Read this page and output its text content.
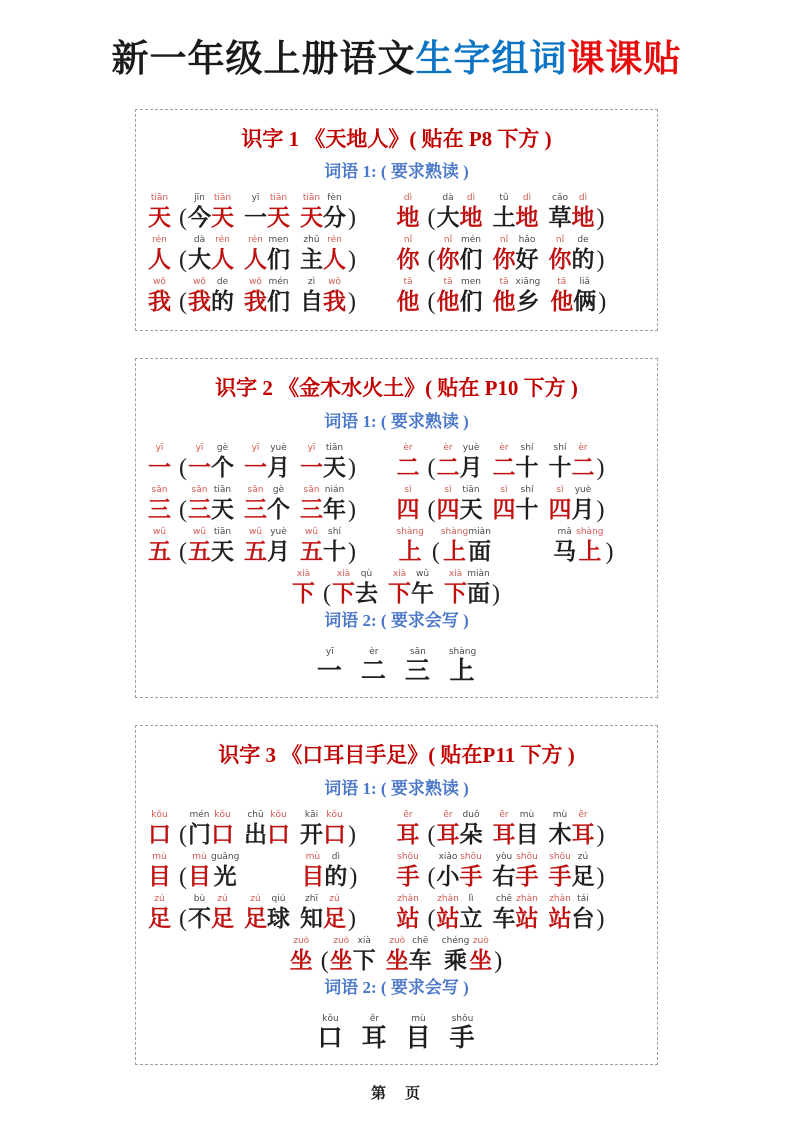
新一年级上册语文生字组词课课贴
识字 1 《天地人》( 贴在 P8 下方 )
词语 1: ( 要求熟读 )
tiān
天 (
jīn
今
tiān
天
yī
一
tiān
天
tiān
天
fèn
分 )
dì
地 (
dà
大
dì
地
tǔ
土
dì
地
cǎo
草
dì
地 )
rén
人 (
dà
大
rén
人
rén
人
men
们
zhǔ
主
rén
人 )
nǐ
你 (
nǐ
你
mén
们
nǐ
你
hǎo
好
nǐ
你
de
的 )
wǒ
我 (
wǒ
我
de
的
wǒ
我
mén
们
zì
自
wǒ
我 )
tā
他 (
tā
他
men
们
tā
他
xiāng
乡
tā
他
liǎ
俩 )
识字 2 《金木水火土》( 贴在 P10 下方 )
词语 1: ( 要求熟读 )
yī
一 (
yī
一
gè
个
yī
一
yuè
月
yī
一
tiān
天 )
èr
二 (
èr
二
yuè
月
èr
二
shí
十
shí
十
èr
二 )
sān
三 (
sān
三
tiān
天
sān
三
gè
个
sān
三
nián
年 )
sì
四 (
sì
四
tiān
天
sì
四
shí
十
sì
四
yuè
月 )
wǔ
五 (
wǔ
五
tiān
天
wǔ
五
yuè
月
wǔ
五
shí
十 )
shàng
上 (
shàng
上
miàn
面
mǎ
马
shàng
上 )
xià
下 (
xià
下
qù
去
xià
下
wǔ
午
xià
下
miàn
面 )
词语 2: ( 要求会写 )
yī
一
èr
二
sān
三
shàng
上
识字 3 《口耳目手足》( 贴在P11 下方 )
词语 1: ( 要求熟读 )
kǒu
口 (
mén
门
kǒu
口
chū
出
kǒu
口
kāi
开
kǒu
口 )
ěr
耳 (
ěr
耳
duǒ
朵
ěr
耳
mù
目
mù
木
ěr
耳 )
mù
目 (
mù
目
guāng
光
mù
目
dì
的 )
shǒu
手 (
xiǎo
小
shǒu
手
yòu
右
shǒu
手
shǒu
手
zú
足 )
zú
足 (
bù
不
zú
足
zú
足
qiú
球
zhī
知
zú
足 )
zhàn
站 (
zhàn
站
lì
立
chē
车
zhàn
站
zhàn
站
tái
台 )
zuò
坐 (
zuò
坐
xià
下
zuò
坐
chē
车
chéng
乘
zuò
坐 )
词语 2: ( 要求会写 )
kǒu
口
ěr
耳
mù
目
shǒu
手
第　页
